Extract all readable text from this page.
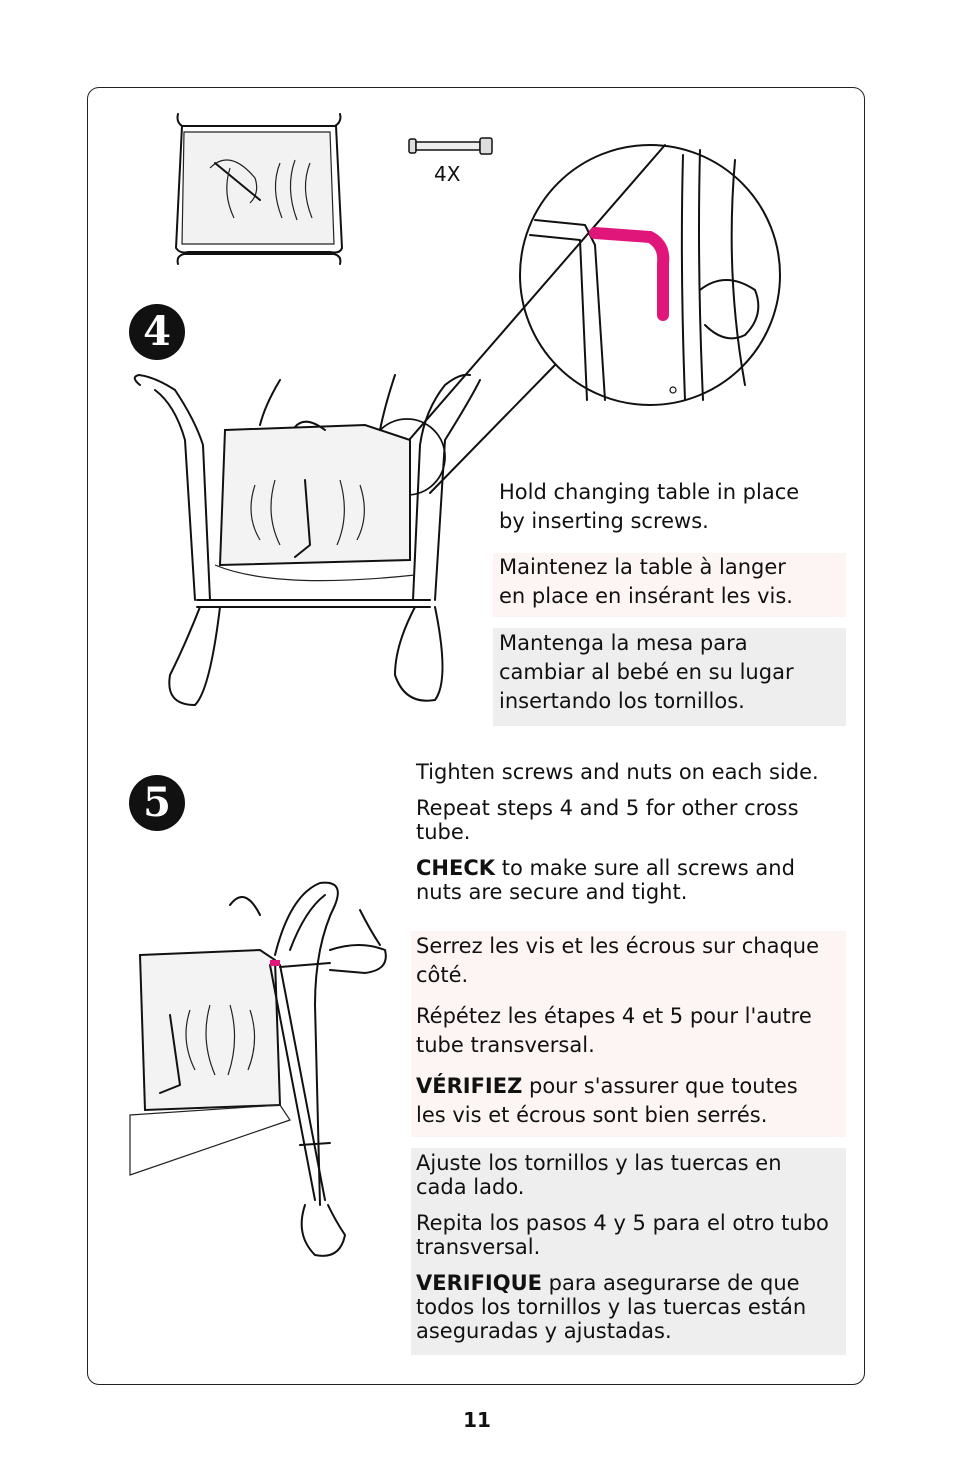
4X
4

Hold changing table in place

by inserting screws.

Maintenez la table à langer

en place en insérant les vis.

Mantenga la mesa para

cambiar al bebé en su lugar

insertando los tornillos.

5

Tighten screws and nuts on each side.

Repeat steps 4 and 5 for other cross tube.

CHECK to make sure all screws and nuts are secure and tight.

Serrez les vis et les écrous sur chaque côté.

Répétez les étapes 4 et 5 pour l'autre tube transversal.

VÉRIFIEZ pour s'assurer que toutes les vis et écrous sont bien serrés.

Ajuste los tornillos y las tuercas en cada lado.

Repita los pasos 4 y 5 para el otro tubo transversal.

VERIFIQUE para asegurarse de que todos los tornillos y las tuercas están aseguradas y ajustadas.

11
